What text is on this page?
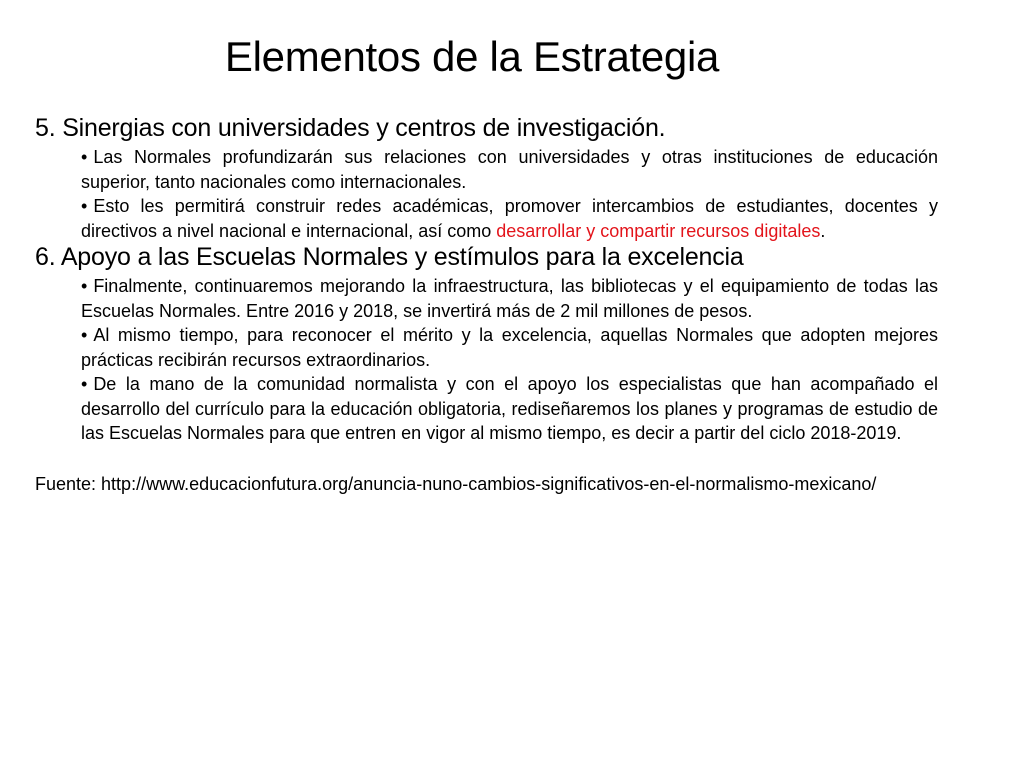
Elementos de la Estrategia

5. Sinergias con universidades y centros de investigación.

• Las Normales profundizarán sus relaciones con universidades y otras instituciones de educación superior, tanto nacionales como internacionales.
• Esto les permitirá construir redes académicas, promover intercambios de estudiantes, docentes y directivos a nivel nacional e internacional, así como desarrollar y compartir recursos digitales.

6. Apoyo a las Escuelas Normales y estímulos para la excelencia

• Finalmente, continuaremos mejorando la infraestructura, las bibliotecas y el equipamiento de todas las Escuelas Normales. Entre 2016 y 2018, se invertirá más de 2 mil millones de pesos.
• Al mismo tiempo, para reconocer el mérito y la excelencia, aquellas Normales que adopten mejores prácticas recibirán recursos extraordinarios.
• De la mano de la comunidad normalista y con el apoyo los especialistas que han acompañado el desarrollo del currículo para la educación obligatoria, rediseñaremos los planes y programas de estudio de las Escuelas Normales para que entren en vigor al mismo tiempo, es decir a partir del ciclo 2018-2019.

Fuente: http://www.educacionfutura.org/anuncia-nuno-cambios-significativos-en-el-normalismo-mexicano/
